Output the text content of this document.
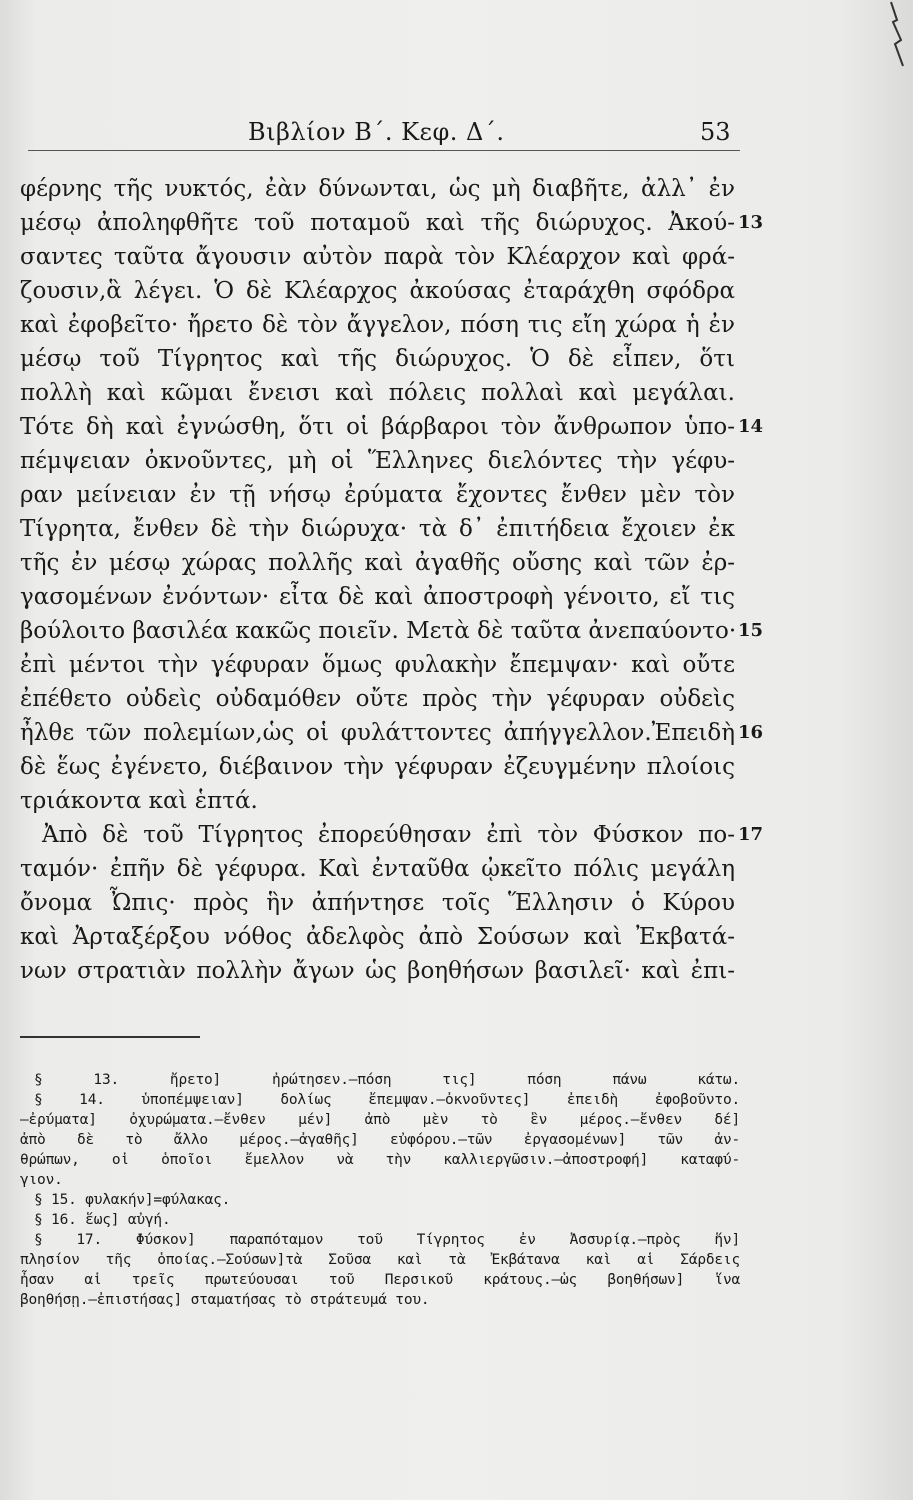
Βιβλίον Β΄. Κεφ. Δ΄.	53
φέρνης τῆς νυκτός, ἐὰν δύνωνται, ὡς μὴ διαβῆτε, ἀλλ᾽ ἐν
μέσῳ ἀποληφθῆτε τοῦ ποταμοῦ καὶ τῆς διώρυχος. Ἀκού-
σαντες ταῦτα ἄγουσιν αὐτὸν παρὰ τὸν Κλέαρχον καὶ φρά-
ζουσιν,ἃ λέγει. Ὁ δὲ Κλέαρχος ἀκούσας ἐταράχθη σφόδρα
καὶ ἐφοβεῖτο· ἤρετο δὲ τὸν ἄγγελον, πόση τις εἴη χώρα ἡ ἐν
μέσῳ τοῦ Τίγρητος καὶ τῆς διώρυχος. Ὁ δὲ εἶπεν, ὅτι
πολλὴ καὶ κῶμαι ἔνεισι καὶ πόλεις πολλαὶ καὶ μεγάλαι.
Τότε δὴ καὶ ἐγνώσθη, ὅτι οἱ βάρβαροι τὸν ἄνθρωπον ὑπο-
πέμψειαν ὀκνοῦντες, μὴ οἱ Ἕλληνες διελόντες τὴν γέφυ-
ραν μείνειαν ἐν τῇ νήσῳ ἐρύματα ἔχοντες ἔνθεν μὲν τὸν
Τίγρητα, ἔνθεν δὲ τὴν διώρυχα· τὰ δ᾽ ἐπιτήδεια ἔχοιεν ἐκ
τῆς ἐν μέσῳ χώρας πολλῆς καὶ ἀγαθῆς οὔσης καὶ τῶν ἐρ-
γασομένων ἐνόντων· εἶτα δὲ καὶ ἀποστροφὴ γένοιτο, εἴ τις
βούλοιτο βασιλέα κακῶς ποιεῖν. Μετὰ δὲ ταῦτα ἀνεπαύοντο·
ἐπὶ μέντοι τὴν γέφυραν ὅμως φυλακὴν ἔπεμψαν· καὶ οὔτε
ἐπέθετο οὐδεὶς οὐδαμόθεν οὔτε πρὸς τὴν γέφυραν οὐδεὶς
ἦλθε τῶν πολεμίων,ὡς οἱ φυλάττοντες ἀπήγγελλον.Ἐπειδὴ
δὲ ἕως ἐγένετο, διέβαινον τὴν γέφυραν ἐζευγμένην πλοίοις
τριάκοντα καὶ ἑπτά.
Ἀπὸ δὲ τοῦ Τίγρητος ἐπορεύθησαν ἐπὶ τὸν Φύσκον πο-
ταμόν· ἐπῆν δὲ γέφυρα. Καὶ ἐνταῦθα ᾠκεῖτο πόλις μεγάλη
ὄνομα Ὦπις· πρὸς ἣν ἀπήντησε τοῖς Ἕλλησιν ὁ Κύρου
καὶ Ἀρταξέρξου νόθος ἀδελφὸς ἀπὸ Σούσων καὶ Ἐκβατά-
νων στρατιὰν πολλὴν ἄγων ὡς βοηθήσων βασιλεῖ· καὶ ἐπι-
13
14
15
16
17
§ 13. ἤρετο] ἠρώτησεν.—πόση τις] πόση πάνω κάτω.
§ 14. ὑποπέμψειαν] δολίως ἔπεμψαν.—ὀκνοῦντες] ἐπειδὴ ἐφοβοῦντο.
—ἐρύματα] ὀχυρώματα.—ἔνθεν μέν] ἀπὸ μὲν τὸ ἓν μέρος.—ἔνθεν δέ]
ἀπὸ δὲ τὸ ἄλλο μέρος.—ἀγαθῆς] εὐφόρου.—τῶν ἐργασομένων] τῶν ἀν-
θρώπων, οἱ ὁποῖοι ἔμελλον νὰ τὴν καλλιεργῶσιν.—ἀποστροφή] καταφύ-
γιον.
§ 15. φυλακήν]=φύλακας.
§ 16. ἕως] αὐγή.
§ 17. Φύσκον] παραπόταμον τοῦ Τίγρητος ἐν Ἀσσυρίᾳ.—πρὸς ἥν]
πλησίον τῆς ὁποίας.—Σούσων]τὰ Σοῦσα καὶ τὰ Ἐκβάτανα καὶ αἱ Σάρδεις
ἦσαν αἱ τρεῖς πρωτεύουσαι τοῦ Περσικοῦ κράτους.—ὡς βοηθήσων] ἵνα
βοηθήσῃ.—ἐπιστήσας] σταματήσας τὸ στράτευμά του.
